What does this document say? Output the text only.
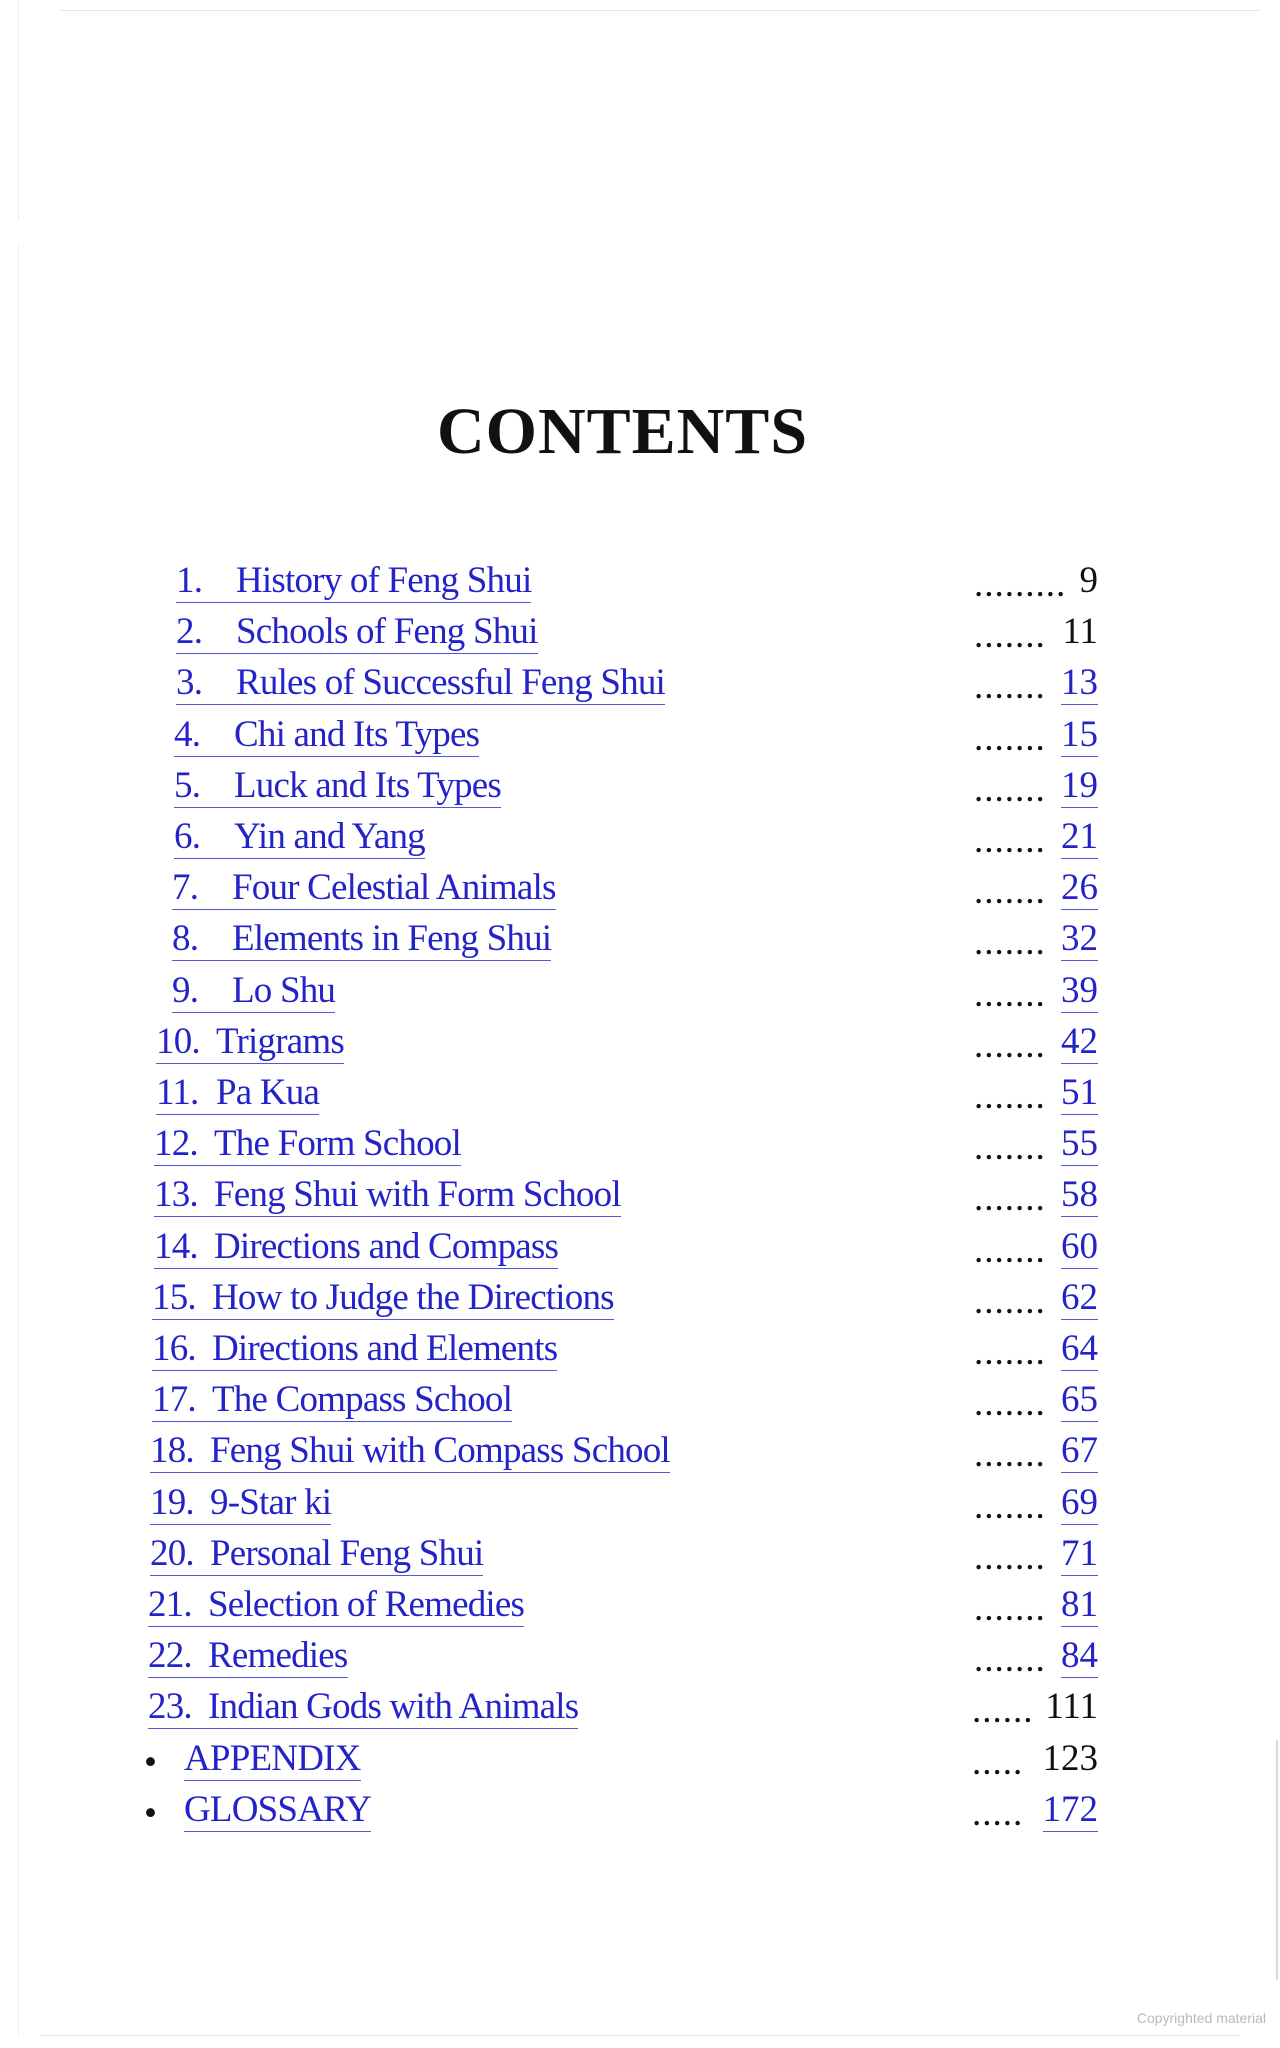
CONTENTS
1. History of Feng Shui	......... 9
2. Schools of Feng Shui	....... 11
3. Rules of Successful Feng Shui	....... 13
4. Chi and Its Types	....... 15
5. Luck and Its Types	....... 19
6. Yin and Yang	....... 21
7. Four Celestial Animals	....... 26
8. Elements in Feng Shui	....... 32
9. Lo Shu	....... 39
10. Trigrams	....... 42
11. Pa Kua	....... 51
12. The Form School	....... 55
13. Feng Shui with Form School	....... 58
14. Directions and Compass	....... 60
15. How to Judge the Directions	....... 62
16. Directions and Elements	....... 64
17. The Compass School	....... 65
18. Feng Shui with Compass School	....... 67
19. 9-Star ki	....... 69
20. Personal Feng Shui	....... 71
21. Selection of Remedies	....... 81
22. Remedies	....... 84
23. Indian Gods with Animals	...... 111
• APPENDIX	..... 123
• GLOSSARY	..... 172
Copyrighted material
